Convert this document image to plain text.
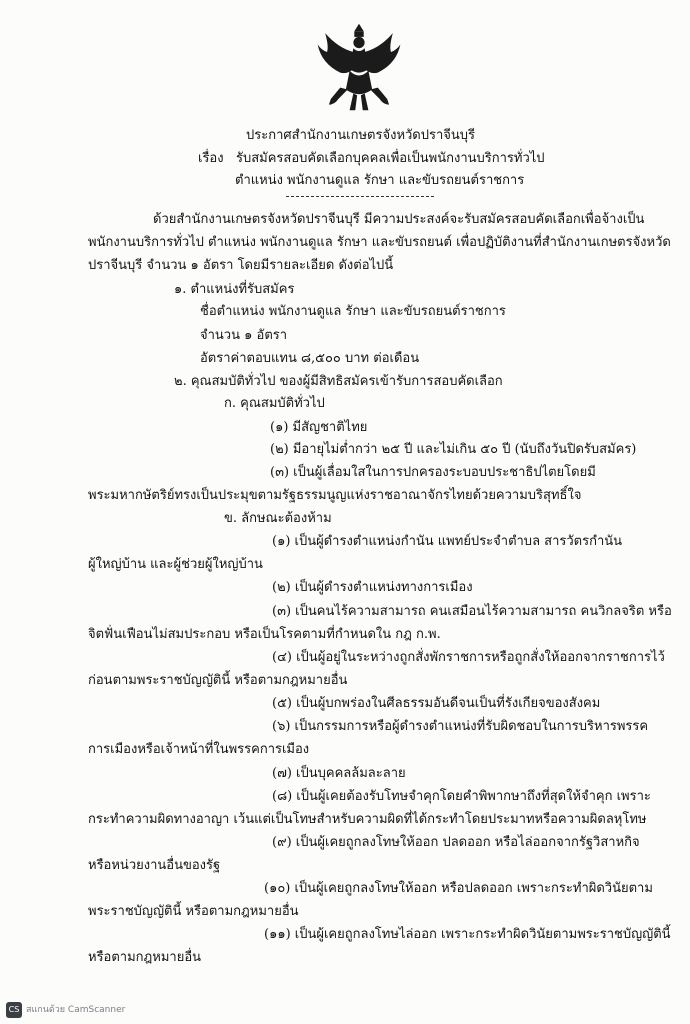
ประกาศสำนักงานเกษตรจังหวัดปราจีนบุรี
เรื่อง รับสมัครสอบคัดเลือกบุคคลเพื่อเป็นพนักงานบริการทั่วไป
ตำแหน่ง พนักงานดูแล รักษา และขับรถยนต์ราชการ
ด้วยสำนักงานเกษตรจังหวัดปราจีนบุรี มีความประสงค์จะรับสมัครสอบคัดเลือกเพื่อจ้างเป็น
พนักงานบริการทั่วไป ตำแหน่ง พนักงานดูแล รักษา และขับรถยนต์ เพื่อปฏิบัติงานที่สำนักงานเกษตรจังหวัด
ปราจีนบุรี จำนวน ๑ อัตรา โดยมีรายละเอียด ดังต่อไปนี้
๑. ตำแหน่งที่รับสมัคร
ชื่อตำแหน่ง พนักงานดูแล รักษา และขับรถยนต์ราชการ
จำนวน ๑ อัตรา
อัตราค่าตอบแทน ๘,๕๐๐ บาท ต่อเดือน
๒. คุณสมบัติทั่วไป ของผู้มีสิทธิสมัครเข้ารับการสอบคัดเลือก
ก. คุณสมบัติทั่วไป
(๑) มีสัญชาติไทย
(๒) มีอายุไม่ต่ำกว่า ๒๕ ปี และไม่เกิน ๕๐ ปี (นับถึงวันปิดรับสมัคร)
(๓) เป็นผู้เลื่อมใสในการปกครองระบอบประชาธิปไตยโดยมี
พระมหากษัตริย์ทรงเป็นประมุขตามรัฐธรรมนูญแห่งราชอาณาจักรไทยด้วยความบริสุทธิ์ใจ
ข. ลักษณะต้องห้าม
(๑) เป็นผู้ดำรงตำแหน่งกำนัน แพทย์ประจำตำบล สารวัตรกำนัน
ผู้ใหญ่บ้าน และผู้ช่วยผู้ใหญ่บ้าน
(๒) เป็นผู้ดำรงตำแหน่งทางการเมือง
(๓) เป็นคนไร้ความสามารถ คนเสมือนไร้ความสามารถ คนวิกลจริต หรือ
จิตฟั่นเฟือนไม่สมประกอบ หรือเป็นโรคตามที่กำหนดใน กฎ ก.พ.
(๔) เป็นผู้อยู่ในระหว่างถูกสั่งพักราชการหรือถูกสั่งให้ออกจากราชการไว้
ก่อนตามพระราชบัญญัตินี้ หรือตามกฎหมายอื่น
(๕) เป็นผู้บกพร่องในศีลธรรมอันดีจนเป็นที่รังเกียจของสังคม
(๖) เป็นกรรมการหรือผู้ดำรงตำแหน่งที่รับผิดชอบในการบริหารพรรค
การเมืองหรือเจ้าหน้าที่ในพรรคการเมือง
(๗) เป็นบุคคลล้มละลาย
(๘) เป็นผู้เคยต้องรับโทษจำคุกโดยคำพิพากษาถึงที่สุดให้จำคุก เพราะ
กระทำความผิดทางอาญา เว้นแต่เป็นโทษสำหรับความผิดที่ได้กระทำโดยประมาทหรือความผิดลหุโทษ
(๙) เป็นผู้เคยถูกลงโทษให้ออก ปลดออก หรือไล่ออกจากรัฐวิสาหกิจ
หรือหน่วยงานอื่นของรัฐ
(๑๐) เป็นผู้เคยถูกลงโทษให้ออก หรือปลดออก เพราะกระทำผิดวินัยตาม
พระราชบัญญัตินี้ หรือตามกฎหมายอื่น
(๑๑) เป็นผู้เคยถูกลงโทษไล่ออก เพราะกระทำผิดวินัยตามพระราชบัญญัตินี้
หรือตามกฎหมายอื่น
CS สแกนด้วย CamScanner
